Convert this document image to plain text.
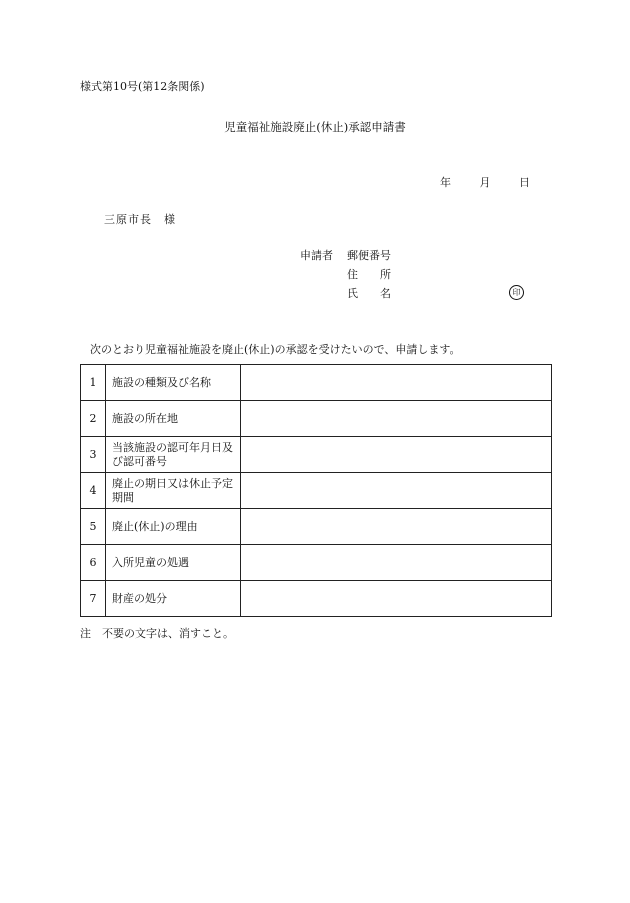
様式第10号(第12条関係)
児童福祉施設廃止(休止)承認申請書
年	月	日
三原市長　様
申請者 郵便番号
住　　所
氏　　名	印
次のとおり児童福祉施設を廃止(休止)の承認を受けたいので、申請します。
1	施設の種類及び名称	
2	施設の所在地	
3	当該施設の認可年月日及び認可番号	
4	廃止の期日又は休止予定期間	
5	廃止(休止)の理由	
6	入所児童の処遇	
7	財産の処分	
注　不要の文字は、消すこと。
